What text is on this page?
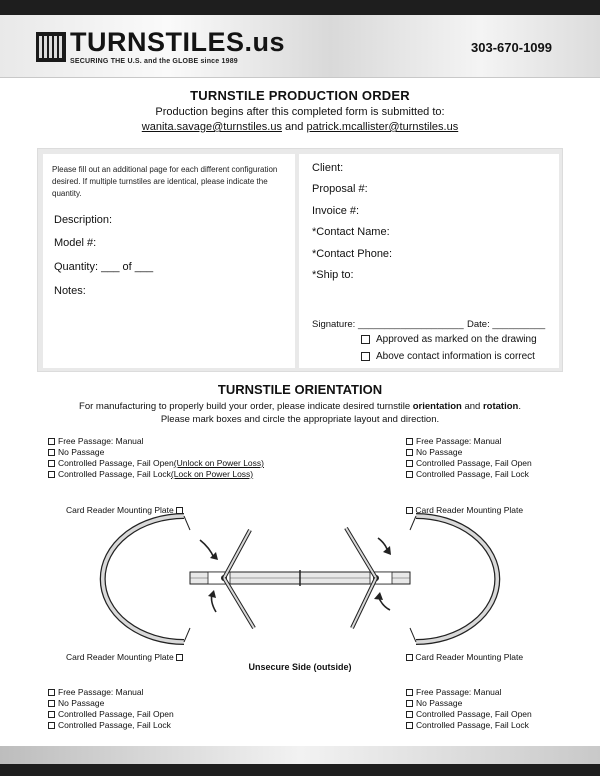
TURNSTILES.us
SECURING THE U.S. and the GLOBE since 1989
303-670-1099
TURNSTILE PRODUCTION ORDER
Production begins after this completed form is submitted to:
wanita.savage@turnstiles.us and patrick.mcallister@turnstiles.us
Please fill out an additional page for each different configuration desired. If multiple turnstiles are identical, please indicate the quantity.
Description:
Model #:
Quantity: ___ of ___
Notes:
Client:
Proposal #:
Invoice #:
*Contact Name:
*Contact Phone:
*Ship to:
Signature: ____________________ Date: __________
Approved as marked on the drawing
Above contact information is correct
TURNSTILE ORIENTATION
For manufacturing to properly build your order, please indicate desired turnstile orientation and rotation.
Please mark boxes and circle the appropriate layout and direction.
Free Passage: Manual
No Passage
Controlled Passage, Fail Open (Unlock on Power Loss)
Controlled Passage, Fail Lock (Lock on Power Loss)
Free Passage: Manual
No Passage
Controlled Passage, Fail Open
Controlled Passage, Fail Lock
Card Reader Mounting Plate

	Card Reader Mounting Plate
Card Reader Mounting Plate

	Card Reader Mounting Plate
Unsecure Side (outside)
Free Passage: Manual
No Passage
Controlled Passage, Fail Open
Controlled Passage, Fail Lock
Free Passage: Manual
No Passage
Controlled Passage, Fail Open
Controlled Passage, Fail Lock
